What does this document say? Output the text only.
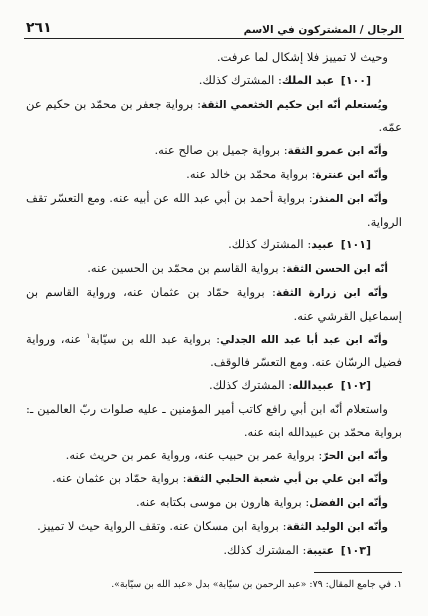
الرجال / المشتركون في الاسم
٢٦١

وحيث لا تمييز فلا إشكال لما عرفت.

[١٠٠] عبد الملك: المشترك كذلك.

ويُستعلم أنّه ابن حكيم الخثعمي الثقة: برواية جعفر بن محمّد بن حكيم عن عمّه.

وأنّه ابن عمرو الثقة: برواية جميل بن صالح عنه.

وأنّه ابن عنترة: برواية محمّد بن خالد عنه.

وأنّه ابن المنذر: برواية أحمد بن أبي عبد الله عن أبيه عنه. ومع التعسّر تقف الرواية.

[١٠١] عبيد: المشترك كذلك.

أنّه ابن الحسن الثقة: برواية القاسم بن محمّد بن الحسين عنه.

وأنّه ابن زرارة الثقة: برواية حمّاد بن عثمان عنه، ورواية القاسم بن إسماعيل القرشي عنه.

وأنّه ابن عبد أبا عبد الله الجدلي: برواية عبد الله بن سيّابة$^١$ عنه، ورواية فضيل الرسّان عنه. ومع التعسّر فالوقف.

[١٠٢] عبيدالله: المشترك كذلك.

واستعلام أنّه ابن أبي رافع كاتب أمير المؤمنين ـ عليه صلوات ربّ العالمين ـ: برواية محمّد بن عبيدالله ابنه عنه.

وأنّه ابن الحرّ: برواية عمر بن حبيب عنه، ورواية عمر بن حريث عنه.

وأنّه ابن علي بن أبي شعبة الحلبي الثقة: برواية حمّاد بن عثمان عنه.

وأنّه ابن الفضل: برواية هارون بن موسى بكتابه عنه.

وأنّه ابن الوليد الثقة: برواية ابن مسكان عنه. وتقف الرواية حيث لا تمييز.

[١٠٣] عتيبة: المشترك كذلك.

١. في جامع المقال: ٧٩: «عبد الرحمن بن سيّابة» بدل «عبد الله بن سيّابة».
